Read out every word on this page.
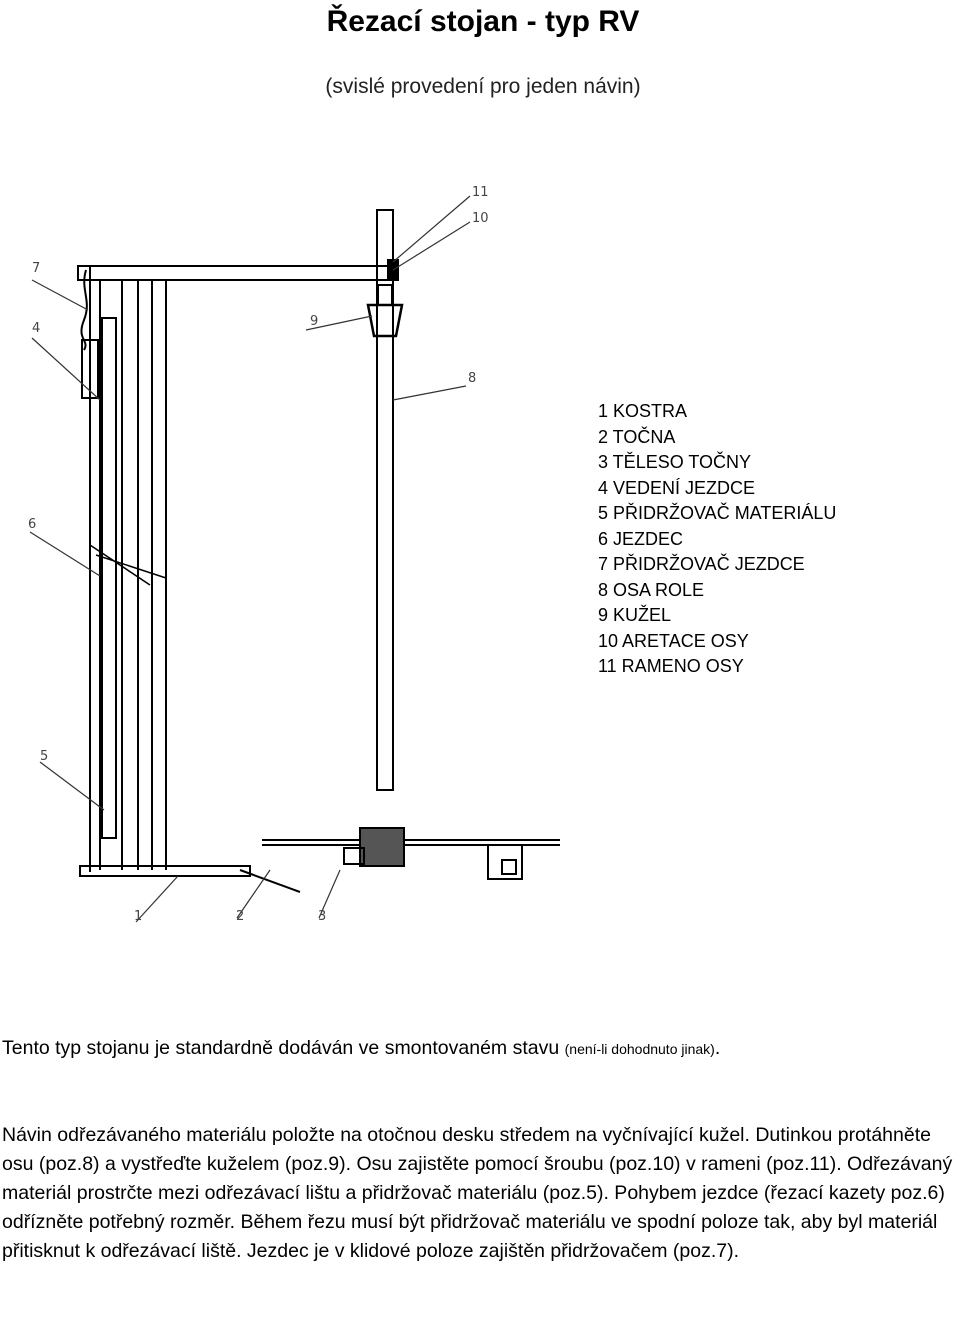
Řezací stojan - typ RV
(svislé provedení pro jeden návin)
11
10
7
4	9
8
6
5
1	2	3
1 KOSTRA
2 TOČNA
3 TĚLESO TOČNY
4 VEDENÍ JEZDCE
5 PŘIDRŽOVAČ MATERIÁLU
6 JEZDEC
7 PŘIDRŽOVAČ JEZDCE
8 OSA ROLE
9 KUŽEL
10 ARETACE OSY
11 RAMENO OSY
Tento typ stojanu je standardně dodáván ve smontovaném stavu (není-li dohodnuto jinak).

Návin odřezávaného materiálu položte na otočnou desku středem na vyčnívající kužel. Dutinkou protáhněte osu (poz.8) a vystřeďte kuželem (poz.9). Osu zajistěte pomocí šroubu (poz.10) v rameni (poz.11). Odřezávaný materiál prostrčte mezi odřezávací lištu a přidržovač materiálu (poz.5). Pohybem jezdce (řezací kazety poz.6) odřízněte potřebný rozměr. Během řezu musí být přidržovač materiálu ve spodní poloze tak, aby byl materiál přitisknut k odřezávací liště. Jezdec je v klidové poloze zajištěn přidržovačem (poz.7).
